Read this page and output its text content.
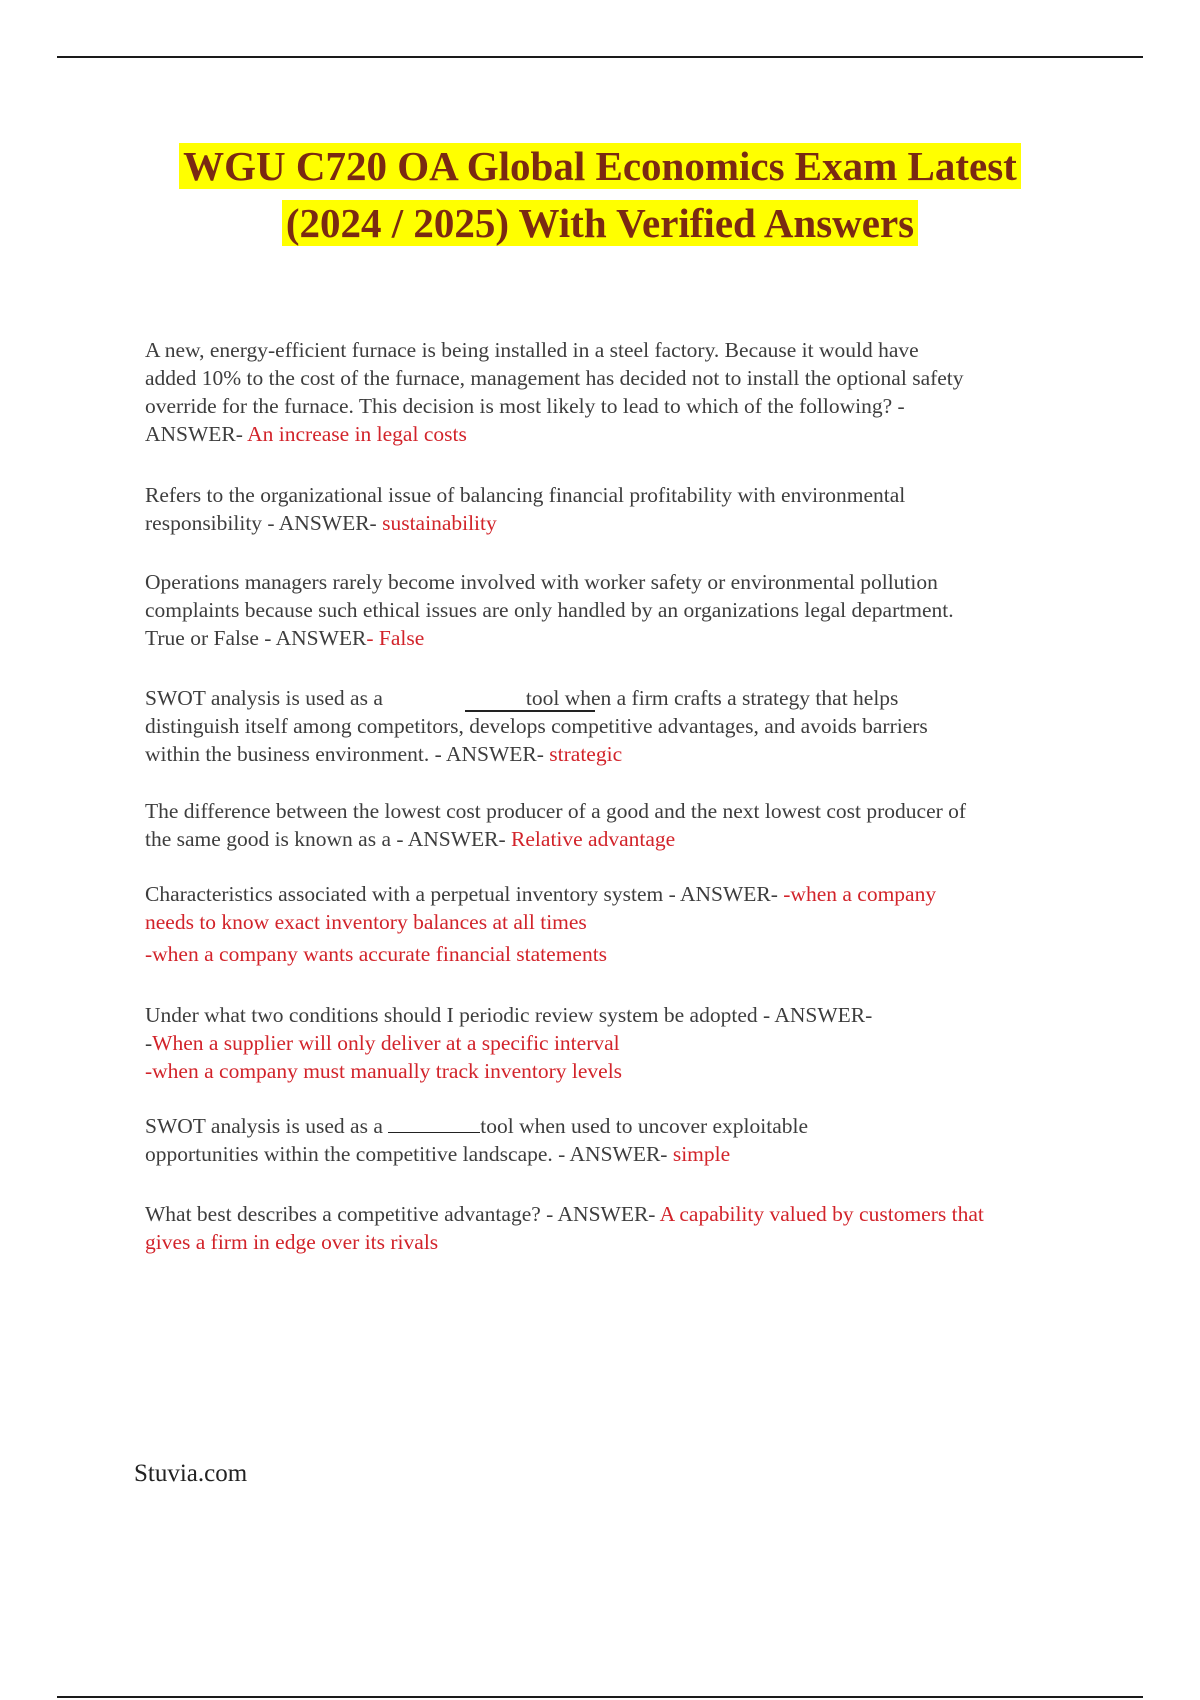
WGU C720 OA Global Economics Exam Latest
(2024 / 2025) With Verified Answers
A new, energy-efficient furnace is being installed in a steel factory. Because it would have
added 10% to the cost of the furnace, management has decided not to install the optional safety
override for the furnace. This decision is most likely to lead to which of the following? -
ANSWER- An increase in legal costs
Refers to the organizational issue of balancing financial profitability with environmental
responsibility - ANSWER- sustainability
Operations managers rarely become involved with worker safety or environmental pollution
complaints because such ethical issues are only handled by an organizations legal department.
True or False - ANSWER- False
SWOT analysis is used as a	tool when a firm crafts a strategy that helps
distinguish itself among competitors, develops competitive advantages, and avoids barriers
within the business environment. - ANSWER- strategic
The difference between the lowest cost producer of a good and the next lowest cost producer of
the same good is known as a - ANSWER- Relative advantage
Characteristics associated with a perpetual inventory system - ANSWER- -when a company
needs to know exact inventory balances at all times
-when a company wants accurate financial statements
Under what two conditions should I periodic review system be adopted - ANSWER-
-When a supplier will only deliver at a specific interval
-when a company must manually track inventory levels
SWOT analysis is used as a	tool when used to uncover exploitable
opportunities within the competitive landscape. - ANSWER- simple
What best describes a competitive advantage? - ANSWER- A capability valued by customers that
gives a firm in edge over its rivals
Stuvia.com
